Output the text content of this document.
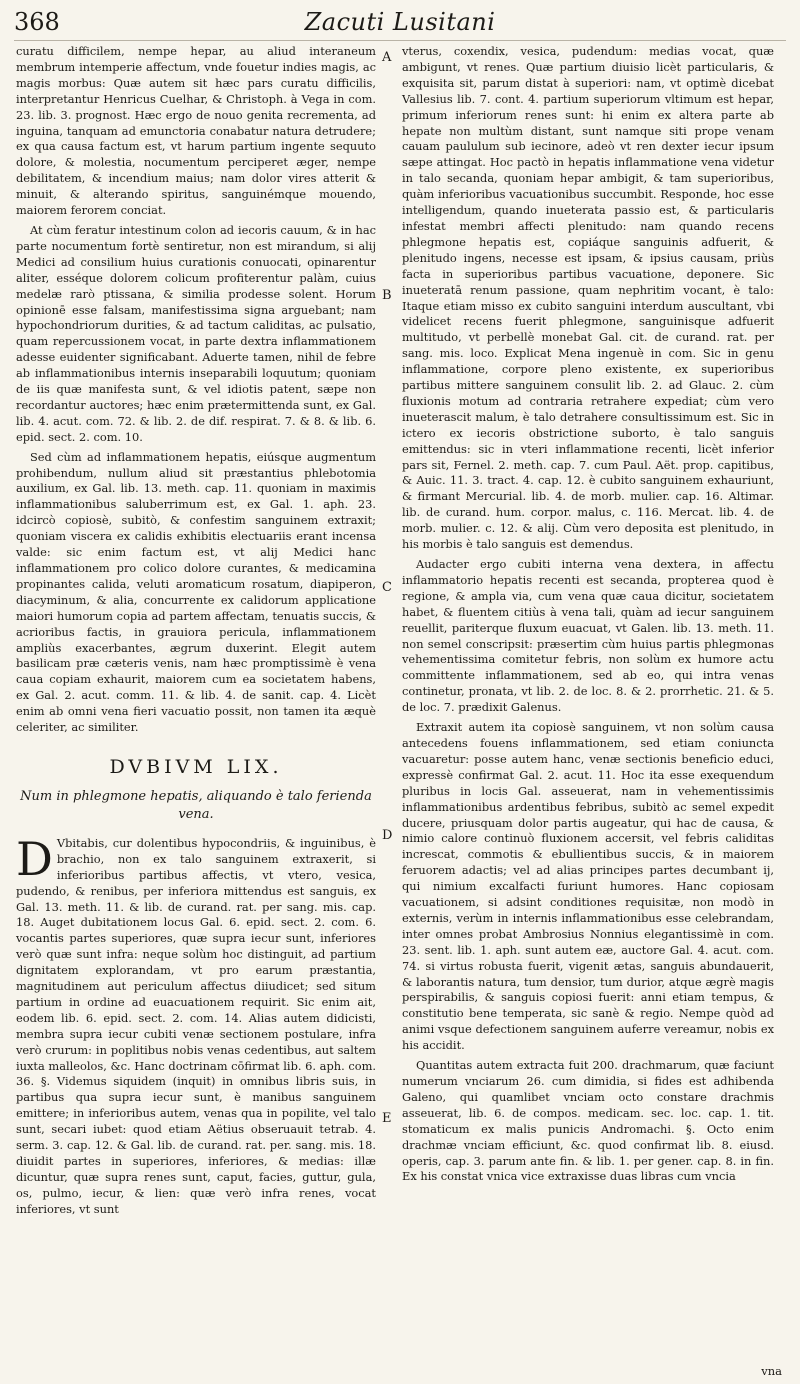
368	Zacuti Lusitani

curatu difficilem, nempe hepar, au aliud interaneum membrum intemperie affectum, vnde fouetur indies magis, ac magis morbus: Quæ autem sit hæc pars curatu difficilis, interpretantur Henricus Cuelhar, & Christoph. à Vega in com. 23. lib. 3. prognost. Hæc ergo de nouo genita recrementa, ad inguina, tanquam ad emunctoria conabatur natura detrudere; ex qua causa factum est, vt harum partium ingente sequuto dolore, & molestia, nocumentum perciperet æger, nempe debilitatem, & incendium maius; nam dolor vires atterit & minuit, & alterando spiritus, sanguinémque mouendo, maiorem ferorem conciat.

At cùm feratur intestinum colon ad iecoris cauum, & in hac parte nocumentum fortè sentiretur, non est mirandum, si alij Medici ad consilium huius curationis conuocati, opinarentur aliter, esséque dolorem colicum profiterentur palàm, cuius medelæ rarò ptissana, & similia prodesse solent. Horum opinionē esse falsam, manifestissima signa arguebant; nam hypochondriorum durities, & ad tactum caliditas, ac pulsatio, quam repercussionem vocat, in parte dextra inflammationem adesse euidenter significabant. Aduerte tamen, nihil de febre ab inflammationibus internis inseparabili loquutum; quoniam de iis quæ manifesta sunt, & vel idiotis patent, sæpe non recordantur auctores; hæc enim prætermittenda sunt, ex Gal. lib. 4. acut. com. 72. & lib. 2. de dif. respirat. 7. & 8. & lib. 6. epid. sect. 2. com. 10.

Sed cùm ad inflammationem hepatis, eiúsque augmentum prohibendum, nullum aliud sit præstantius phlebotomia auxilium, ex Gal. lib. 13. meth. cap. 11. quoniam in maximis inflammationibus saluberrimum est, ex Gal. 1. aph. 23. idcircò copiosè, subitò, & confestim sanguinem extraxit; quoniam viscera ex calidis exhibitis electuariis erant incensa valde: sic enim factum est, vt alij Medici hanc inflammationem pro colico dolore curantes, & medicamina propinantes calida, veluti aromaticum rosatum, diapiperon, diacyminum, & alia, concurrente ex calidorum applicatione maiori humorum copia ad partem affectam, tenuatis succis, & acrioribus factis, in grauiora pericula, inflammationem ampliùs exacerbantes, ægrum duxerint. Elegit autem basilicam præ cæteris venis, nam hæc promptissimè è vena caua copiam exhaurit, maiorem cum ea societatem habens, ex Gal. 2. acut. comm. 11. & lib. 4. de sanit. cap. 4. Licèt enim ab omni vena fieri vacuatio possit, non tamen ita æquè celeriter, ac similiter.

DVBIVM LIX.
Num in phlegmone hepatis, aliquando è talo ferienda vena.

D Vbitabis, cur dolentibus hypocondriis, & inguinibus, è brachio, non ex talo sanguinem extraxerit, si inferioribus partibus affectis, vt vtero, vesica, pudendo, & renibus, per inferiora mittendus est sanguis, ex Gal. 13. meth. 11. & lib. de curand. rat. per sang. mis. cap. 18. Auget dubitationem locus Gal. 6. epid. sect. 2. com. 6. vocantis partes superiores, quæ supra iecur sunt, inferiores verò quæ sunt infra: neque solùm hoc distinguit, ad partium dignitatem explorandam, vt pro earum præstantia, magnitudinem aut periculum affectus diiudicet; sed situm partium in ordine ad euacuationem requirit. Sic enim ait, eodem lib. 6. epid. sect. 2. com. 14. Alias autem didicisti, membra supra iecur cubiti venæ sectionem postulare, infra verò crurum: in poplitibus nobis venas cedentibus, aut saltem iuxta malleolos, &c. Hanc doctrinam cōfirmat lib. 6. aph. com. 36. §. Videmus siquidem (inquit) in omnibus libris suis, in partibus qua supra iecur sunt, è manibus sanguinem emittere; in inferioribus autem, venas qua in popilite, vel talo sunt, secari iubet: quod etiam Aëtius obseruauit tetrab. 4. serm. 3. cap. 12. & Gal. lib. de curand. rat. per. sang. mis. 18. diuidit partes in superiores, inferiores, & medias: illæ dicuntur, quæ supra renes sunt, caput, facies, guttur, gula, os, pulmo, iecur, & lien: quæ verò infra renes, vocat inferiores, vt sunt

A
B
C
D
E

vterus, coxendix, vesica, pudendum: medias vocat, quæ ambigunt, vt renes. Quæ partium diuisio licèt particularis, & exquisita sit, parum distat à superiori: nam, vt optimè dicebat Vallesius lib. 7. cont. 4. partium superiorum vltimum est hepar, primum inferiorum renes sunt: hi enim ex altera parte ab hepate non multùm distant, sunt namque siti prope venam cauam paululum sub iecinore, adeò vt ren dexter iecur ipsum sæpe attingat. Hoc pactò in hepatis inflammatione vena videtur in talo secanda, quoniam hepar ambigit, & tam superioribus, quàm inferioribus vacuationibus succumbit. Responde, hoc esse intelligendum, quando inueterata passio est, & particularis infestat membri affecti plenitudo: nam quando recens phlegmone hepatis est, copiáque sanguinis adfuerit, & plenitudo ingens, necesse est ipsam, & ipsius causam, priùs facta in superioribus partibus vacuatione, deponere. Sic inueteratā renum passione, quam nephritim vocant, è talo: Itaque etiam misso ex cubito sanguini interdum auscultant, vbi videlicet recens fuerit phlegmone, sanguinisque adfuerit multitudo, vt perbellè monebat Gal. cit. de curand. rat. per sang. mis. loco. Explicat Mena ingenuè in com. Sic in genu inflammatione, corpore pleno existente, ex superioribus partibus mittere sanguinem consulit lib. 2. ad Glauc. 2. cùm fluxionis motum ad contraria retrahere expediat; cùm vero inueterascit malum, è talo detrahere consultissimum est. Sic in ictero ex iecoris obstrictione suborto, è talo sanguis emittendus: sic in vteri inflammatione recenti, licèt inferior pars sit, Fernel. 2. meth. cap. 7. cum Paul. Aët. prop. capitibus, & Auic. 11. 3. tract. 4. cap. 12. è cubito sanguinem exhauriunt, & firmant Mercurial. lib. 4. de morb. mulier. cap. 16. Altimar. lib. de curand. hum. corpor. malus, c. 116. Mercat. lib. 4. de morb. mulier. c. 12. & alij. Cùm vero deposita est plenitudo, in his morbis è talo sanguis est demendus.

Audacter ergo cubiti interna vena dextera, in affectu inflammatorio hepatis recenti est secanda, propterea quod è regione, & ampla via, cum vena quæ caua dicitur, societatem habet, & fluentem citiùs à vena tali, quàm ad iecur sanguinem reuellit, pariterque fluxum euacuat, vt Galen. lib. 13. meth. 11. non semel conscripsit: præsertim cùm huius partis phlegmonas vehementissima comitetur febris, non solùm ex humore actu committente inflammationem, sed ab eo, qui intra venas continetur, pronata, vt lib. 2. de loc. 8. & 2. prorrhetic. 21. & 5. de loc. 7. prædixit Galenus.

Extraxit autem ita copiosè sanguinem, vt non solùm causa antecedens fouens inflammationem, sed etiam coniuncta vacuaretur: posse autem hanc, venæ sectionis beneficio educi, expressè confirmat Gal. 2. acut. 11. Hoc ita esse exequendum pluribus in locis Gal. asseuerat, nam in vehementissimis inflammationibus ardentibus febribus, subitò ac semel expedit ducere, priusquam dolor partis augeatur, qui hac de causa, & nimio calore continuò fluxionem accersit, vel febris caliditas increscat, commotis & ebullientibus succis, & in maiorem feruorem adactis; vel ad alias principes partes decumbant ij, qui nimium excalfacti furiunt humores. Hanc copiosam vacuationem, si adsint conditiones requisitæ, non modò in externis, verùm in internis inflammationibus esse celebrandam, inter omnes probat Ambrosius Nonnius elegantissimè in com. 23. sent. lib. 1. aph. sunt autem eæ, auctore Gal. 4. acut. com. 74. si virtus robusta fuerit, vigenit ætas, sanguis abundauerit, & laborantis natura, tum densior, tum durior, atque ægrè magis perspirabilis, & sanguis copiosi fuerit: anni etiam tempus, & constitutio bene temperata, sic sanè & regio. Nempe quòd ad animi vsque defectionem sanguinem auferre vereamur, nobis ex his accidit.

Quantitas autem extracta fuit 200. drachmarum, quæ faciunt numerum vnciarum 26. cum dimidia, si fides est adhibenda Galeno, qui quamlibet vnciam octo constare drachmis asseuerat, lib. 6. de compos. medicam. sec. loc. cap. 1. tit. stomaticum ex malis punicis Andromachi. §. Octo enim drachmæ vnciam efficiunt, &c. quod confirmat lib. 8. eiusd. operis, cap. 3. parum ante fin. & lib. 1. per gener. cap. 8. in fin. Ex his constat vnica vice extraxisse duas libras cum vncia

vna
